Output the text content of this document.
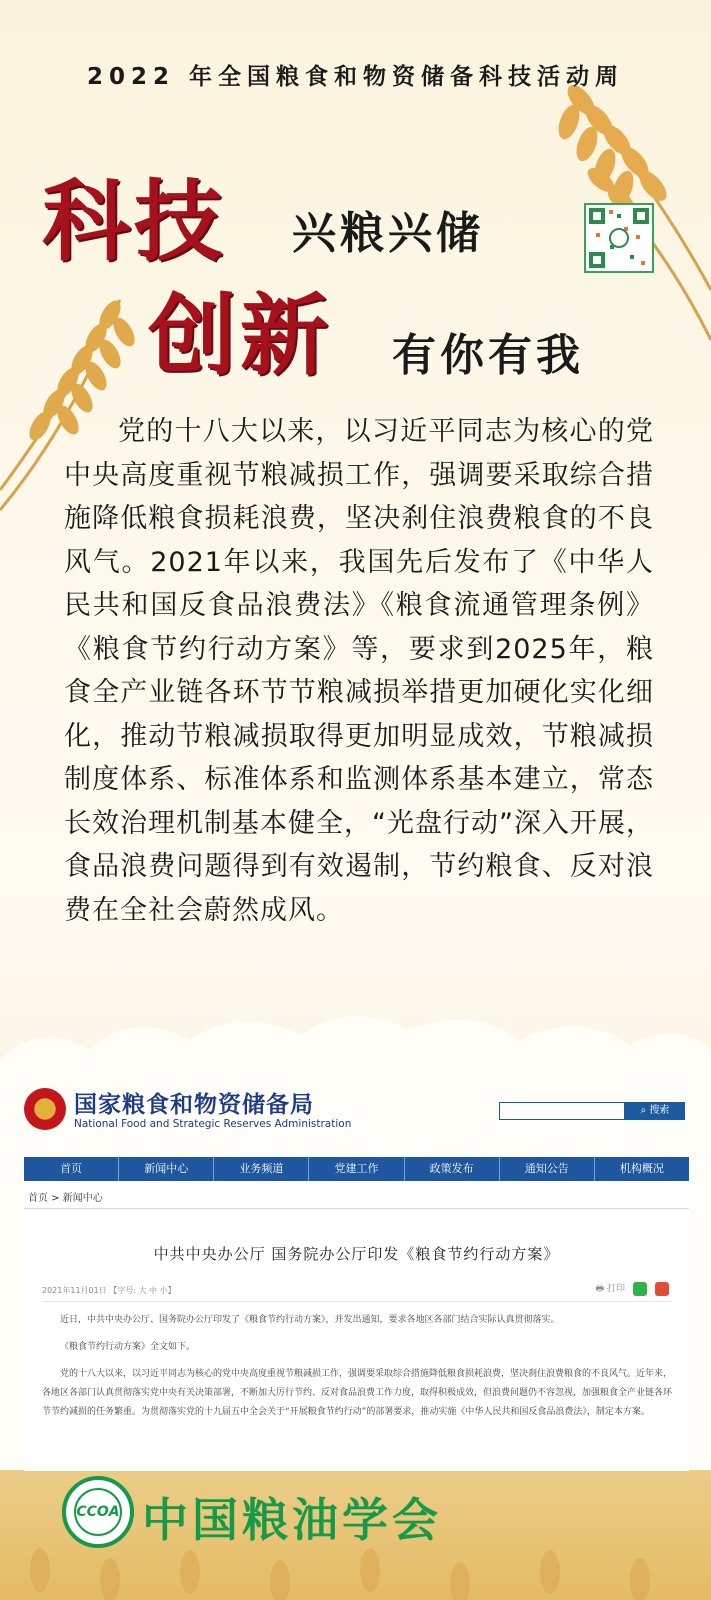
2022 年全国粮食和物资储备科技活动周
科技 兴粮兴储
创新 有你有我
党的十八大以来，以习近平同志为核心的党中央高度重视节粮减损工作，强调要采取综合措施降低粮食损耗浪费，坚决刹住浪费粮食的不良风气。2021年以来，我国先后发布了《中华人民共和国反食品浪费法》《粮食流通管理条例》《粮食节约行动方案》等，要求到2025年，粮食全产业链各环节节粮减损举措更加硬化实化细化，推动节粮减损取得更加明显成效，节粮减损制度体系、标准体系和监测体系基本建立，常态长效治理机制基本健全，“光盘行动”深入开展，食品浪费问题得到有效遏制，节约粮食、反对浪费在全社会蔚然成风。
国家粮食和物资储备局
National Food and Strategic Reserves Administration
⌕ 搜索
首页	新闻中心	业务频道	党建工作	政策发布	通知公告	机构概况
首页 > 新闻中心
中共中央办公厅 国务院办公厅印发《粮食节约行动方案》
2021年11月01日 【字号: 大 中 小】	🖶 打印

近日，中共中央办公厅、国务院办公厅印发了《粮食节约行动方案》，并发出通知，要求各地区各部门结合实际认真贯彻落实。

《粮食节约行动方案》全文如下。

党的十八大以来，以习近平同志为核心的党中央高度重视节粮减损工作，强调要采取综合措施降低粮食损耗浪费，坚决刹住浪费粮食的不良风气。近年来，各地区各部门认真贯彻落实党中央有关决策部署，不断加大厉行节约、反对食品浪费工作力度，取得积极成效，但浪费问题仍不容忽视，加强粮食全产业链各环节节约减损的任务繁重。为贯彻落实党的十九届五中全会关于“开展粮食节约行动”的部署要求，推动实施《中华人民共和国反食品浪费法》，制定本方案。

CCOA 中国粮油学会
